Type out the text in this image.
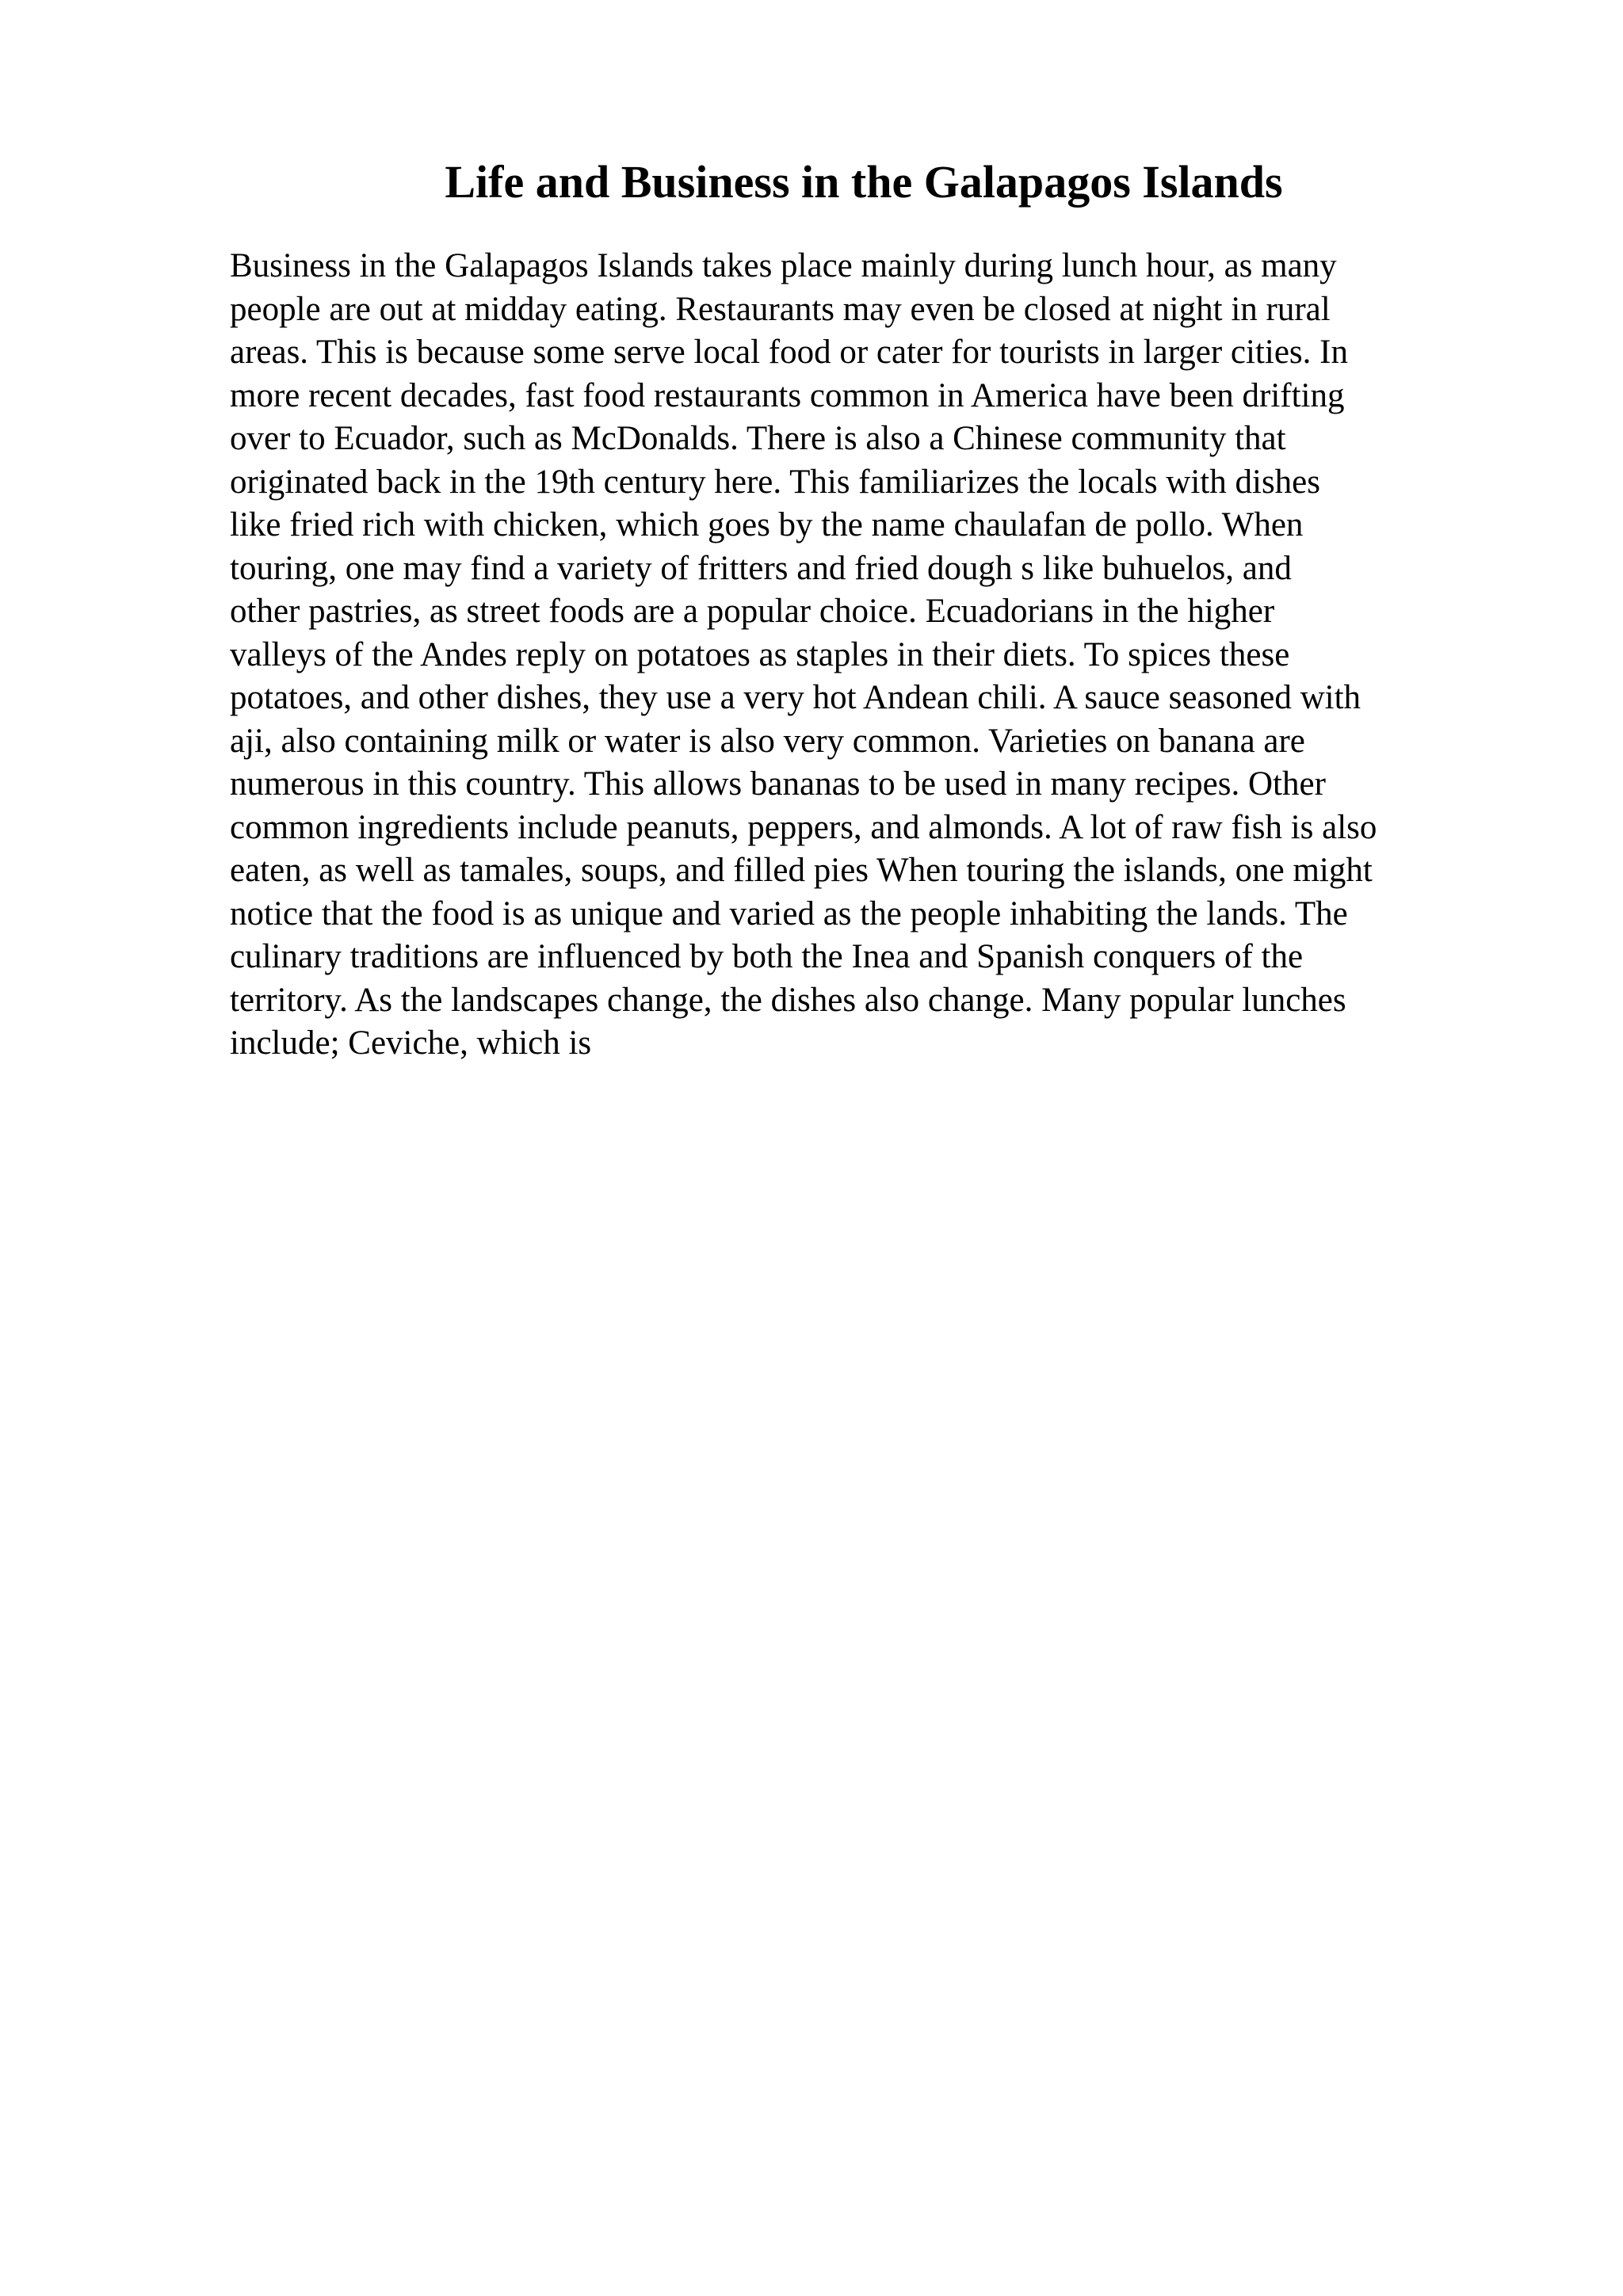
Life and Business in the Galapagos Islands
Business in the Galapagos Islands takes place mainly during lunch hour, as many
people are out at midday eating. Restaurants may even be closed at night in rural
areas. This is because some serve local food or cater for tourists in larger cities. In
more recent decades, fast food restaurants common in America have been drifting
over to Ecuador, such as McDonalds. There is also a Chinese community that
originated back in the 19th century here. This familiarizes the locals with dishes
like fried rich with chicken, which goes by the name chaulafan de pollo. When
touring, one may find a variety of fritters and fried dough s like buhuelos, and
other pastries, as street foods are a popular choice. Ecuadorians in the higher
valleys of the Andes reply on potatoes as staples in their diets. To spices these
potatoes, and other dishes, they use a very hot Andean chili. A sauce seasoned with
aji, also containing milk or water is also very common. Varieties on banana are
numerous in this country. This allows bananas to be used in many recipes. Other
common ingredients include peanuts, peppers, and almonds. A lot of raw fish is also
eaten, as well as tamales, soups, and filled pies When touring the islands, one might
notice that the food is as unique and varied as the people inhabiting the lands. The
culinary traditions are influenced by both the Inea and Spanish conquers of the
territory. As the landscapes change, the dishes also change. Many popular lunches
include; Ceviche, which is
